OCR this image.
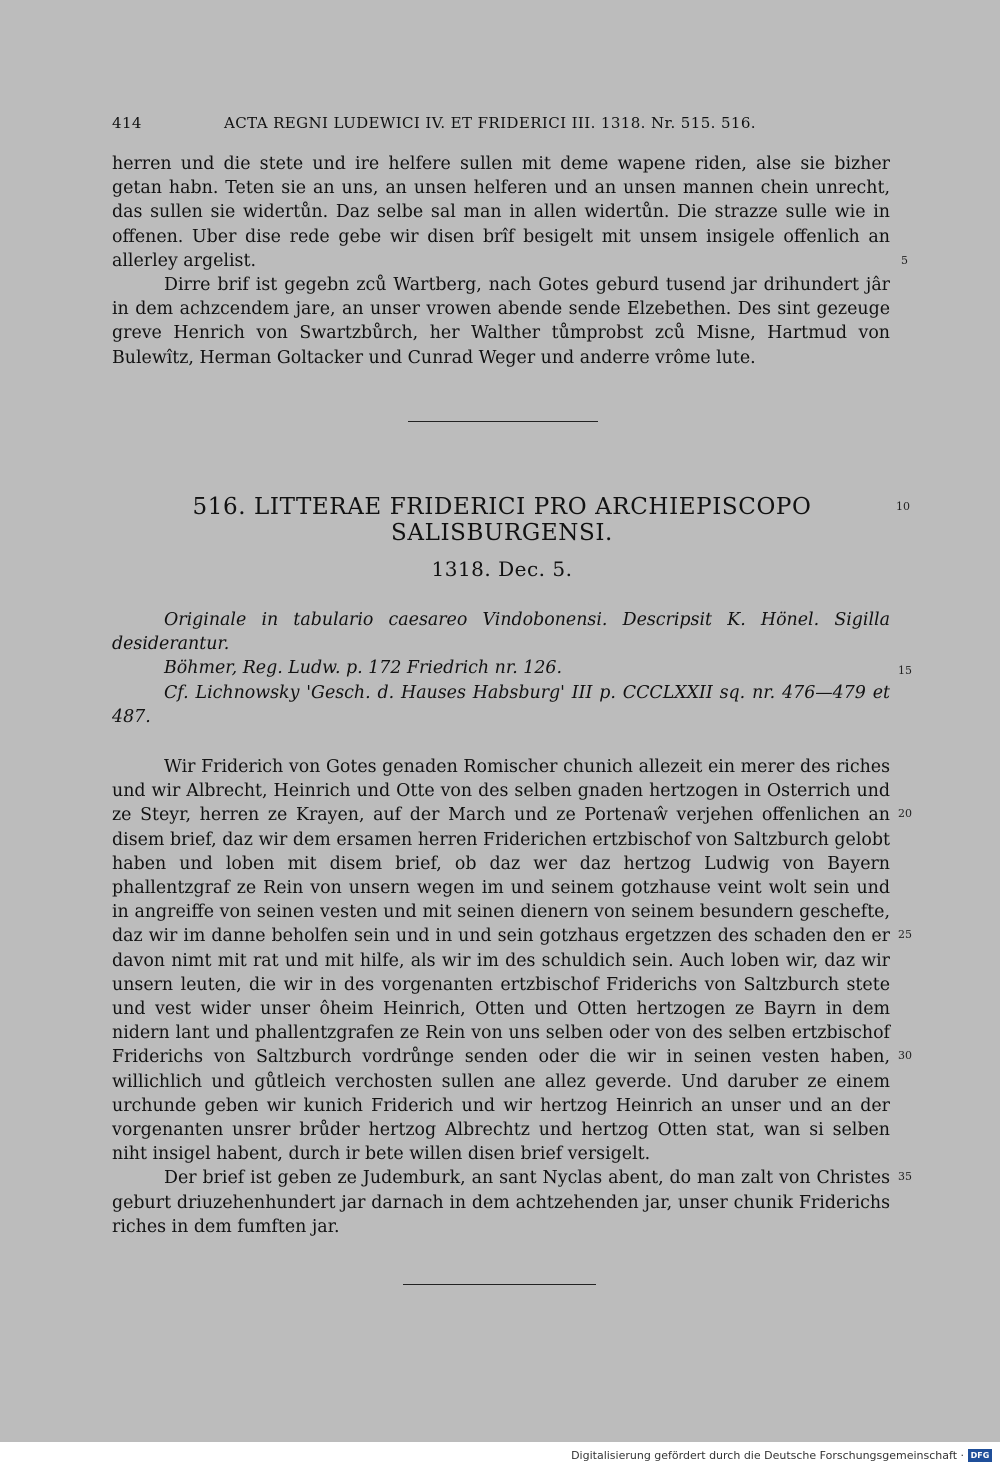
414	ACTA REGNI LUDEWICI IV. ET FRIDERICI III. 1318. Nr. 515. 516.

herren und die stete und ire helfere sullen mit deme wapene riden, alse sie bizher getan habn. Teten sie an uns, an unsen helferen und an unsen mannen chein unrecht, das sullen sie widertůn. Daz selbe sal man in allen widertůn. Die strazze sulle wie in offenen. Uber dise rede gebe wir disen brîf besigelt mit unsem insigele offenlich an allerley argelist.

Dirre brif ist gegebn zců Wartberg, nach Gotes geburd tusend jar drihundert jâr in dem achzcendem jare, an unser vrowen abende sende Elzebethen. Des sint gezeuge greve Henrich von Swartzbůrch, her Walther tůmprobst zců Misne, Hartmud von Bulewîtz, Herman Goltacker und Cunrad Weger und anderre vrôme lute.

5
516. LITTERAE FRIDERICI PRO ARCHIEPISCOPO
SALISBURGENSI.
10
1318. Dec. 5.

Originale in tabulario caesareo Vindobonensi. Descripsit K. Hönel. Sigilla desiderantur.

Böhmer, Reg. Ludw. p. 172 Friedrich nr. 126.

Cf. Lichnowsky 'Gesch. d. Hauses Habsburg' III p. CCCLXXII sq. nr. 476—479 et 487.

15

Wir Friderich von Gotes genaden Romischer chunich allezeit ein merer des riches und wir Albrecht, Heinrich und Otte von des selben gnaden hertzogen in Osterrich und ze Steyr, herren ze Krayen, auf der March und ze Portenaŵ verjehen offenlichen an disem brief, daz wir dem ersamen herren Friderichen ertzbischof von Saltzburch gelobt haben und loben mit disem brief, ob daz wer daz hertzog Ludwig von Bayern phallentzgraf ze Rein von unsern wegen im und seinem gotzhause veint wolt sein und in angreiffe von seinen vesten und mit seinen dienern von seinem besundern geschefte, daz wir im danne beholfen sein und in und sein gotzhaus ergetzzen des schaden den er davon nimt mit rat und mit hilfe, als wir im des schuldich sein. Auch loben wir, daz wir unsern leuten, die wir in des vorgenanten ertzbischof Friderichs von Saltzburch stete und vest wider unser ôheim Heinrich, Otten und Otten hertzogen ze Bayrn in dem nidern lant und phallentzgrafen ze Rein von uns selben oder von des selben ertzbischof Friderichs von Saltzburch vordrůnge senden oder die wir in seinen vesten haben, willichlich und gůtleich verchosten sullen ane allez geverde. Und daruber ze einem urchunde geben wir kunich Friderich und wir hertzog Heinrich an unser und an der vorgenanten unsrer brůder hertzog Albrechtz und hertzog Otten stat, wan si selben niht insigel habent, durch ir bete willen disen brief versigelt.

Der brief ist geben ze Judemburk, an sant Nyclas abent, do man zalt von Christes geburt driuzehenhundert jar darnach in dem achtzehenden jar, unser chunik Friderichs riches in dem fumften jar.

20
25
30
35
Digitalisierung gefördert durch die Deutsche Forschungsgemeinschaft · DFG
